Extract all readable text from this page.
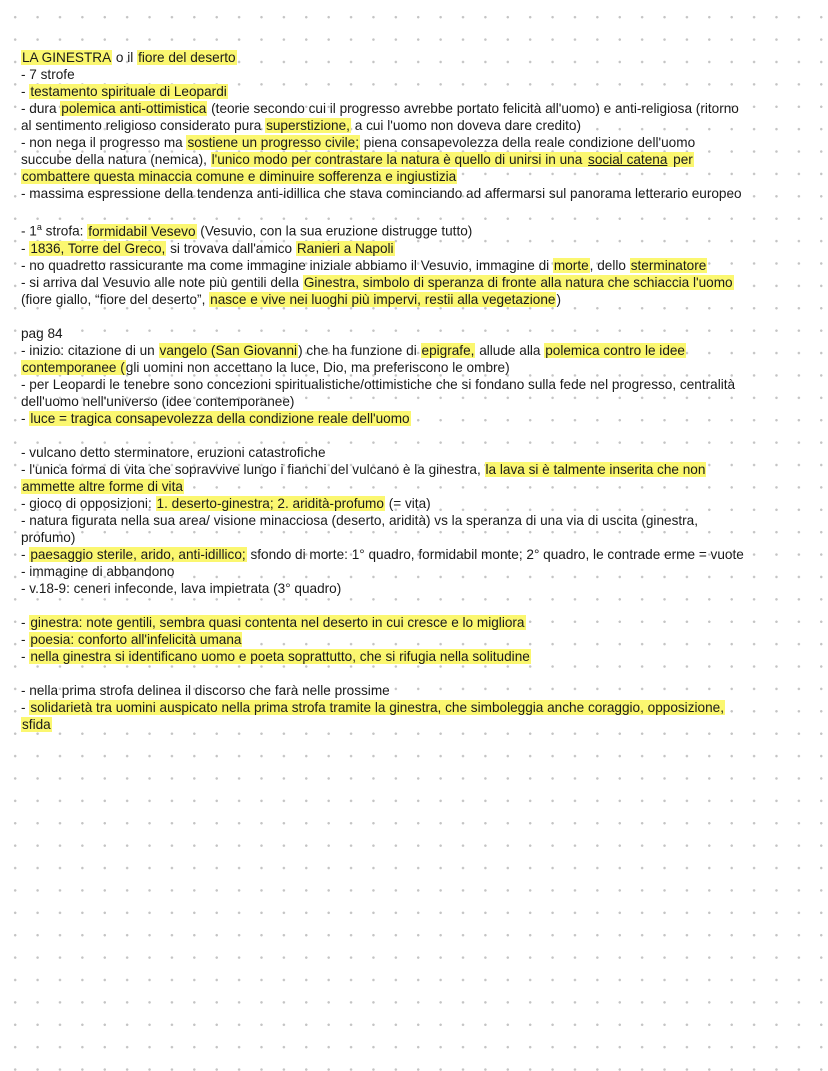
LA GINESTRA o il fiore del deserto
- 7 strofe
- testamento spirituale di Leopardi
- dura polemica anti-ottimistica (teorie secondo cui il progresso avrebbe portato felicità all'uomo) e anti-religiosa (ritorno
al sentimento religioso considerato pura superstizione, a cui l'uomo non doveva dare credito)
- non nega il progresso ma sostiene un progresso civile; piena consapevolezza della reale condizione dell'uomo
succube della natura (nemica), l'unico modo per contrastare la natura è quello di unirsi in una social catena per
combattere questa minaccia comune e diminuire sofferenza e ingiustizia
- massima espressione della tendenza anti-idillica che stava cominciando ad affermarsi sul panorama letterario europeo
- 1$^a$ strofa: formidabil Vesevo (Vesuvio, con la sua eruzione distrugge tutto)
- 1836, Torre del Greco, si trovava dall'amico Ranieri a Napoli
- no quadretto rassicurante ma come immagine iniziale abbiamo il Vesuvio, immagine di morte, dello sterminatore
- si arriva dal Vesuvio alle note più gentili della Ginestra, simbolo di speranza di fronte alla natura che schiaccia l'uomo
(fiore giallo, “fiore del deserto”, nasce e vive nei luoghi più impervi, restii alla vegetazione)
pag 84
- inizio: citazione di un vangelo (San Giovanni) che ha funzione di epigrafe, allude alla polemica contro le idee
contemporanee (gli uomini non accettano la luce, Dio, ma preferiscono le ombre)
- per Leopardi le tenebre sono concezioni spiritualistiche/ottimistiche che si fondano sulla fede nel progresso, centralità
dell'uomo nell'universo (idee contemporanee)
- luce = tragica consapevolezza della condizione reale dell'uomo
- vulcano detto sterminatore, eruzioni catastrofiche
- l'unica forma di vita che sopravvive lungo i fianchi del vulcano è la ginestra, la lava si è talmente inserita che non
ammette altre forme di vita
- gioco di opposizioni: 1. deserto-ginestra; 2. aridità-profumo (= vita)
- natura figurata nella sua area/ visione minacciosa (deserto, aridità) vs la speranza di una via di uscita (ginestra,
profumo)
- paesaggio sterile, arido, anti-idillico; sfondo di morte: 1° quadro, formidabil monte; 2° quadro, le contrade erme = vuote
- immagine di abbandono
- v.18-9: ceneri infeconde, lava impietrata (3° quadro)
- ginestra: note gentili, sembra quasi contenta nel deserto in cui cresce e lo migliora
- poesia: conforto all'infelicità umana
- nella ginestra si identificano uomo e poeta soprattutto, che si rifugia nella solitudine
- nella prima strofa delinea il discorso che farà nelle prossime
- solidarietà tra uomini auspicato nella prima strofa tramite la ginestra, che simboleggia anche coraggio, opposizione,
sfida
